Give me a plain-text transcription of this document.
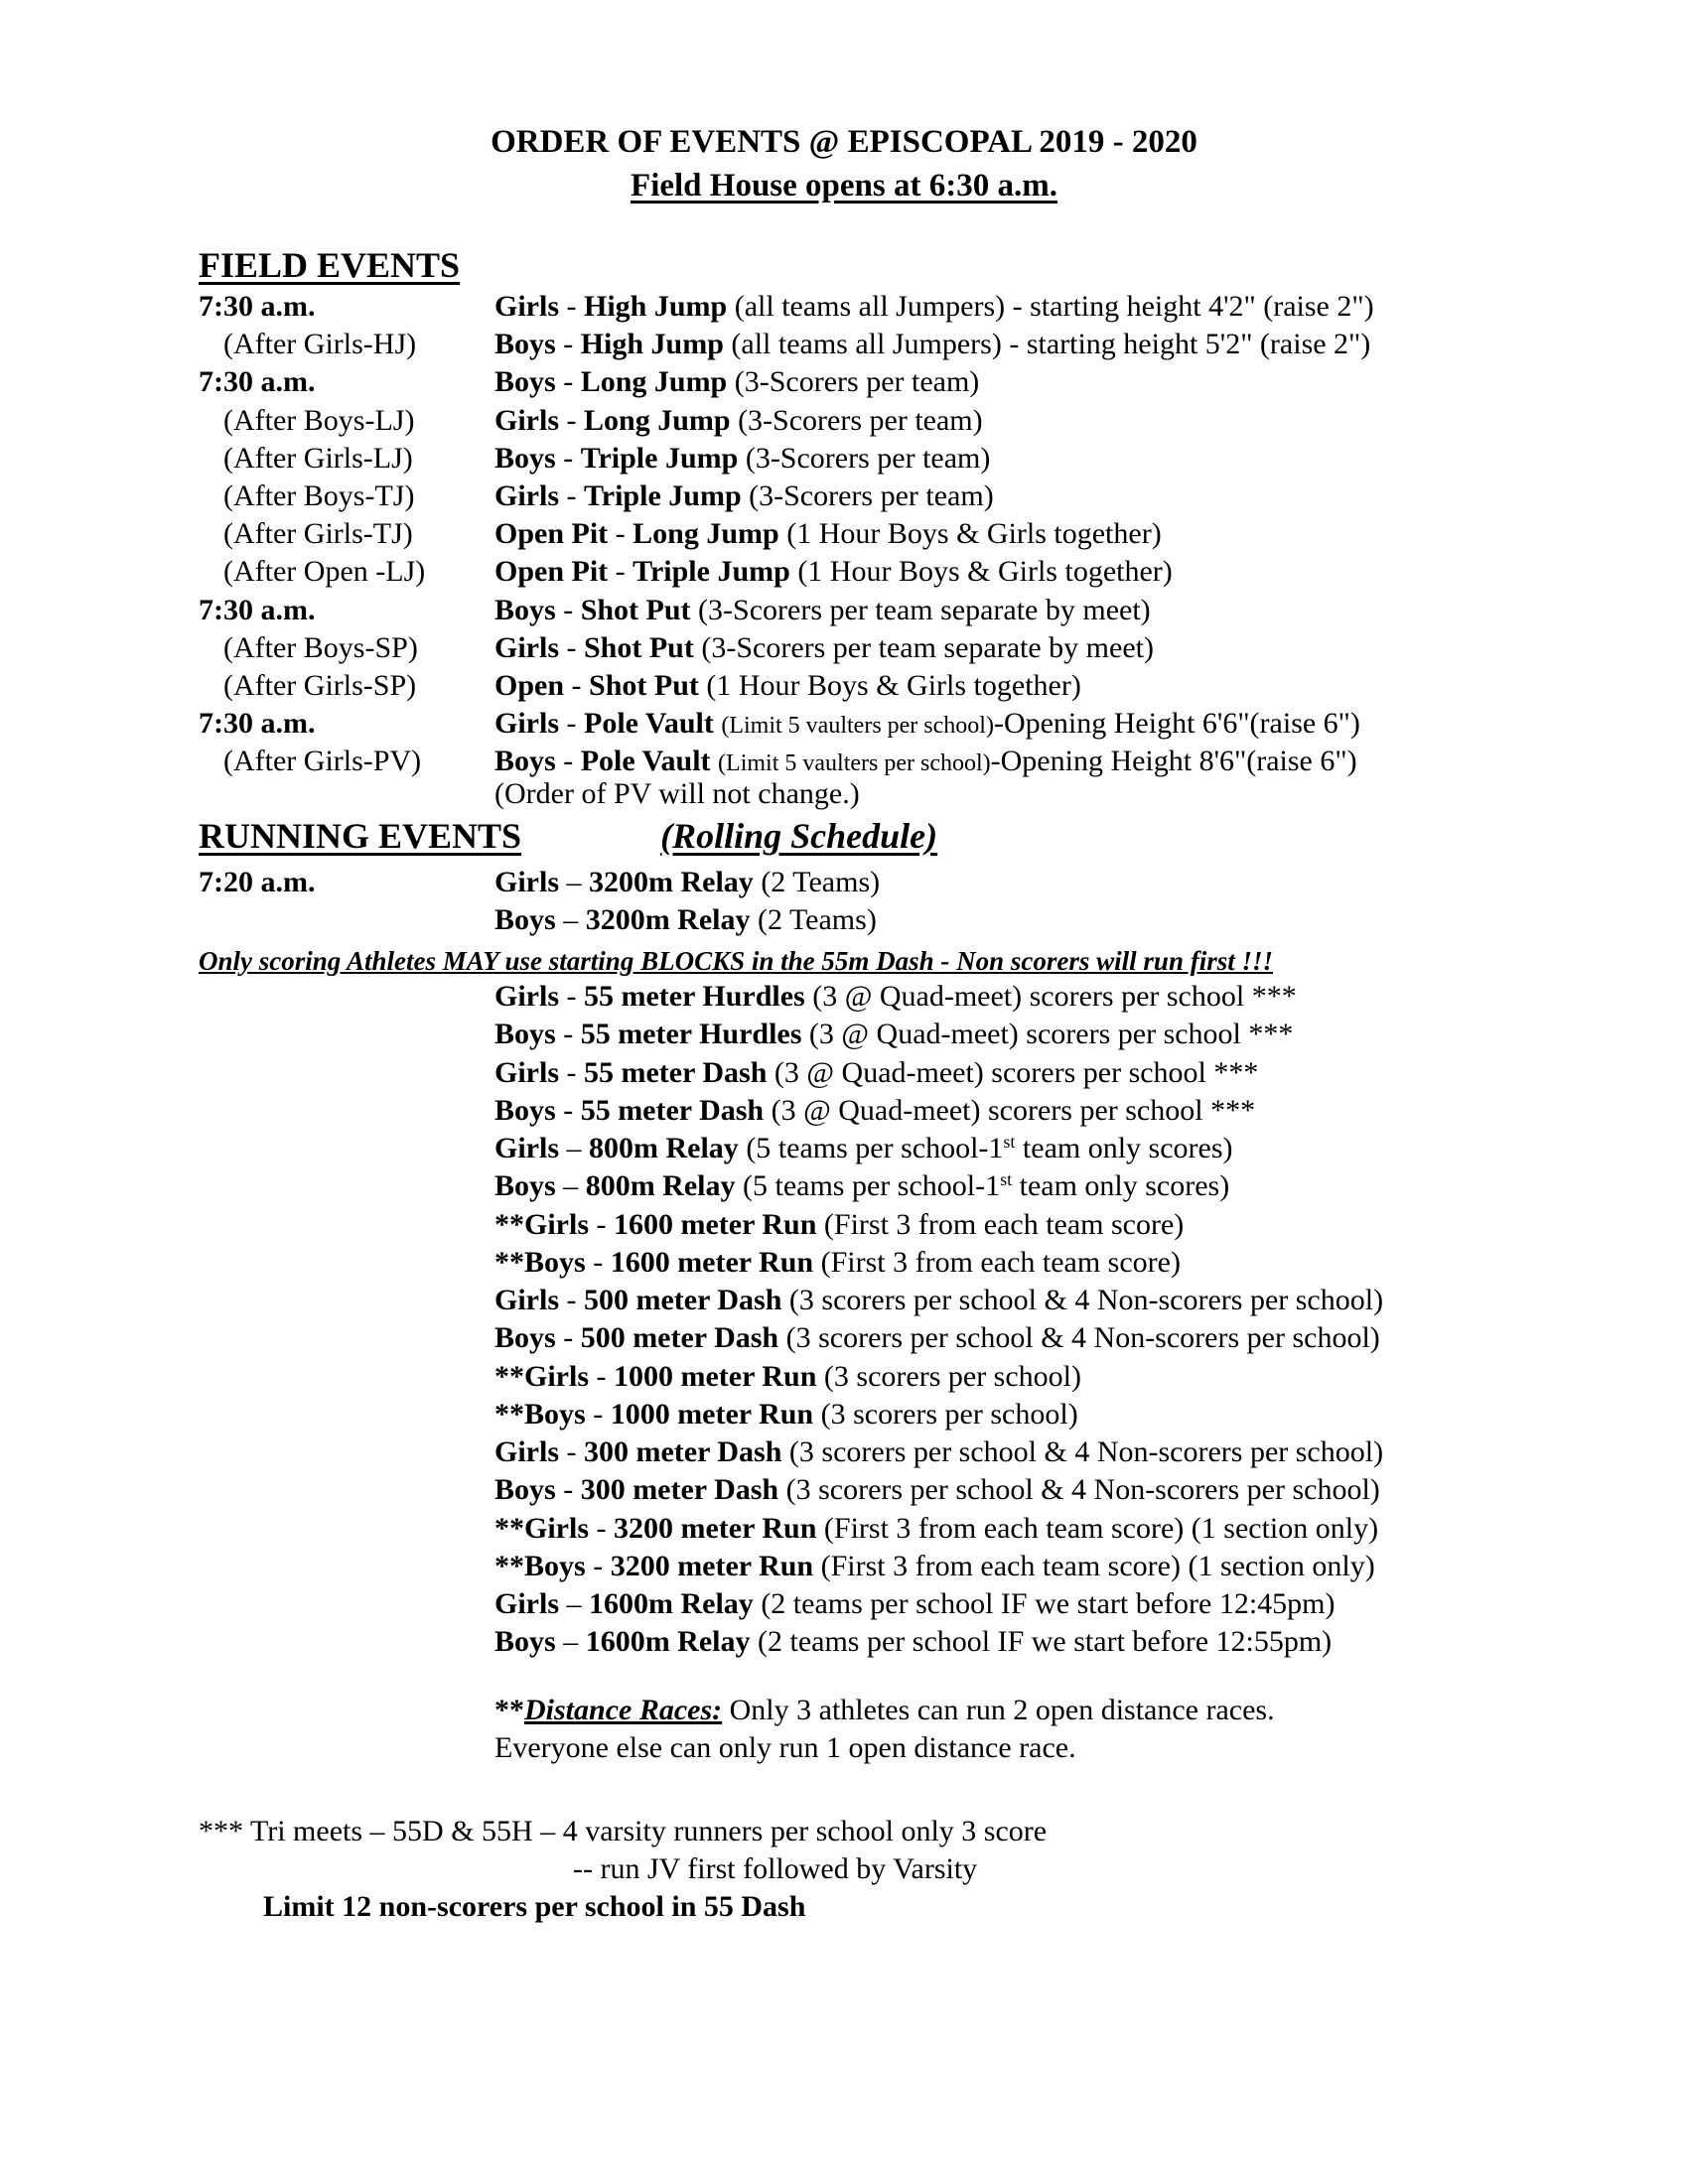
ORDER OF EVENTS @ EPISCOPAL 2019 - 2020
Field House opens at 6:30 a.m.
FIELD EVENTS
7:30 a.m.	Girls - High Jump (all teams all Jumpers) - starting height 4'2" (raise 2")
(After Girls-HJ)	Boys - High Jump (all teams all Jumpers) - starting height 5'2" (raise 2")
7:30 a.m.	Boys - Long Jump (3-Scorers per team)
(After Boys-LJ)	Girls - Long Jump (3-Scorers per team)
(After Girls-LJ)	Boys - Triple Jump (3-Scorers per team)
(After Boys-TJ)	Girls - Triple Jump (3-Scorers per team)
(After Girls-TJ)	Open Pit - Long Jump (1 Hour Boys & Girls together)
(After Open -LJ) Open Pit - Triple Jump (1 Hour Boys & Girls together)
7:30 a.m.	Boys - Shot Put (3-Scorers per team separate by meet)
(After Boys-SP)	Girls - Shot Put (3-Scorers per team separate by meet)
(After Girls-SP)	Open - Shot Put (1 Hour Boys & Girls together)
7:30 a.m.	Girls - Pole Vault (Limit 5 vaulters per school)-Opening Height 6'6"(raise 6")
(After Girls-PV) Boys - Pole Vault (Limit 5 vaulters per school)-Opening Height 8'6"(raise 6")
(Order of PV will not change.)
RUNNING EVENTS	(Rolling Schedule)
7:20 a.m.	Girls – 3200m Relay (2 Teams)
Boys – 3200m Relay (2 Teams)
Only scoring Athletes MAY use starting BLOCKS in the 55m Dash - Non scorers will run first !!!
Girls - 55 meter Hurdles (3 @ Quad-meet) scorers per school ***
Boys - 55 meter Hurdles (3 @ Quad-meet) scorers per school ***
Girls - 55 meter Dash (3 @ Quad-meet) scorers per school ***
Boys - 55 meter Dash (3 @ Quad-meet) scorers per school ***
Girls – 800m Relay (5 teams per school-1st team only scores)
Boys – 800m Relay (5 teams per school-1st team only scores)
**Girls - 1600 meter Run (First 3 from each team score)
**Boys - 1600 meter Run (First 3 from each team score)
Girls - 500 meter Dash (3 scorers per school & 4 Non-scorers per school)
Boys - 500 meter Dash (3 scorers per school & 4 Non-scorers per school)
**Girls - 1000 meter Run (3 scorers per school)
**Boys - 1000 meter Run (3 scorers per school)
Girls - 300 meter Dash (3 scorers per school & 4 Non-scorers per school)
Boys - 300 meter Dash (3 scorers per school & 4 Non-scorers per school)
**Girls - 3200 meter Run (First 3 from each team score) (1 section only)
**Boys - 3200 meter Run (First 3 from each team score) (1 section only)
Girls – 1600m Relay (2 teams per school IF we start before 12:45pm)
Boys – 1600m Relay (2 teams per school IF we start before 12:55pm)
**Distance Races: Only 3 athletes can run 2 open distance races.
Everyone else can only run 1 open distance race.
*** Tri meets – 55D & 55H – 4 varsity runners per school only 3 score
-- run JV first followed by Varsity
Limit 12 non-scorers per school in 55 Dash
